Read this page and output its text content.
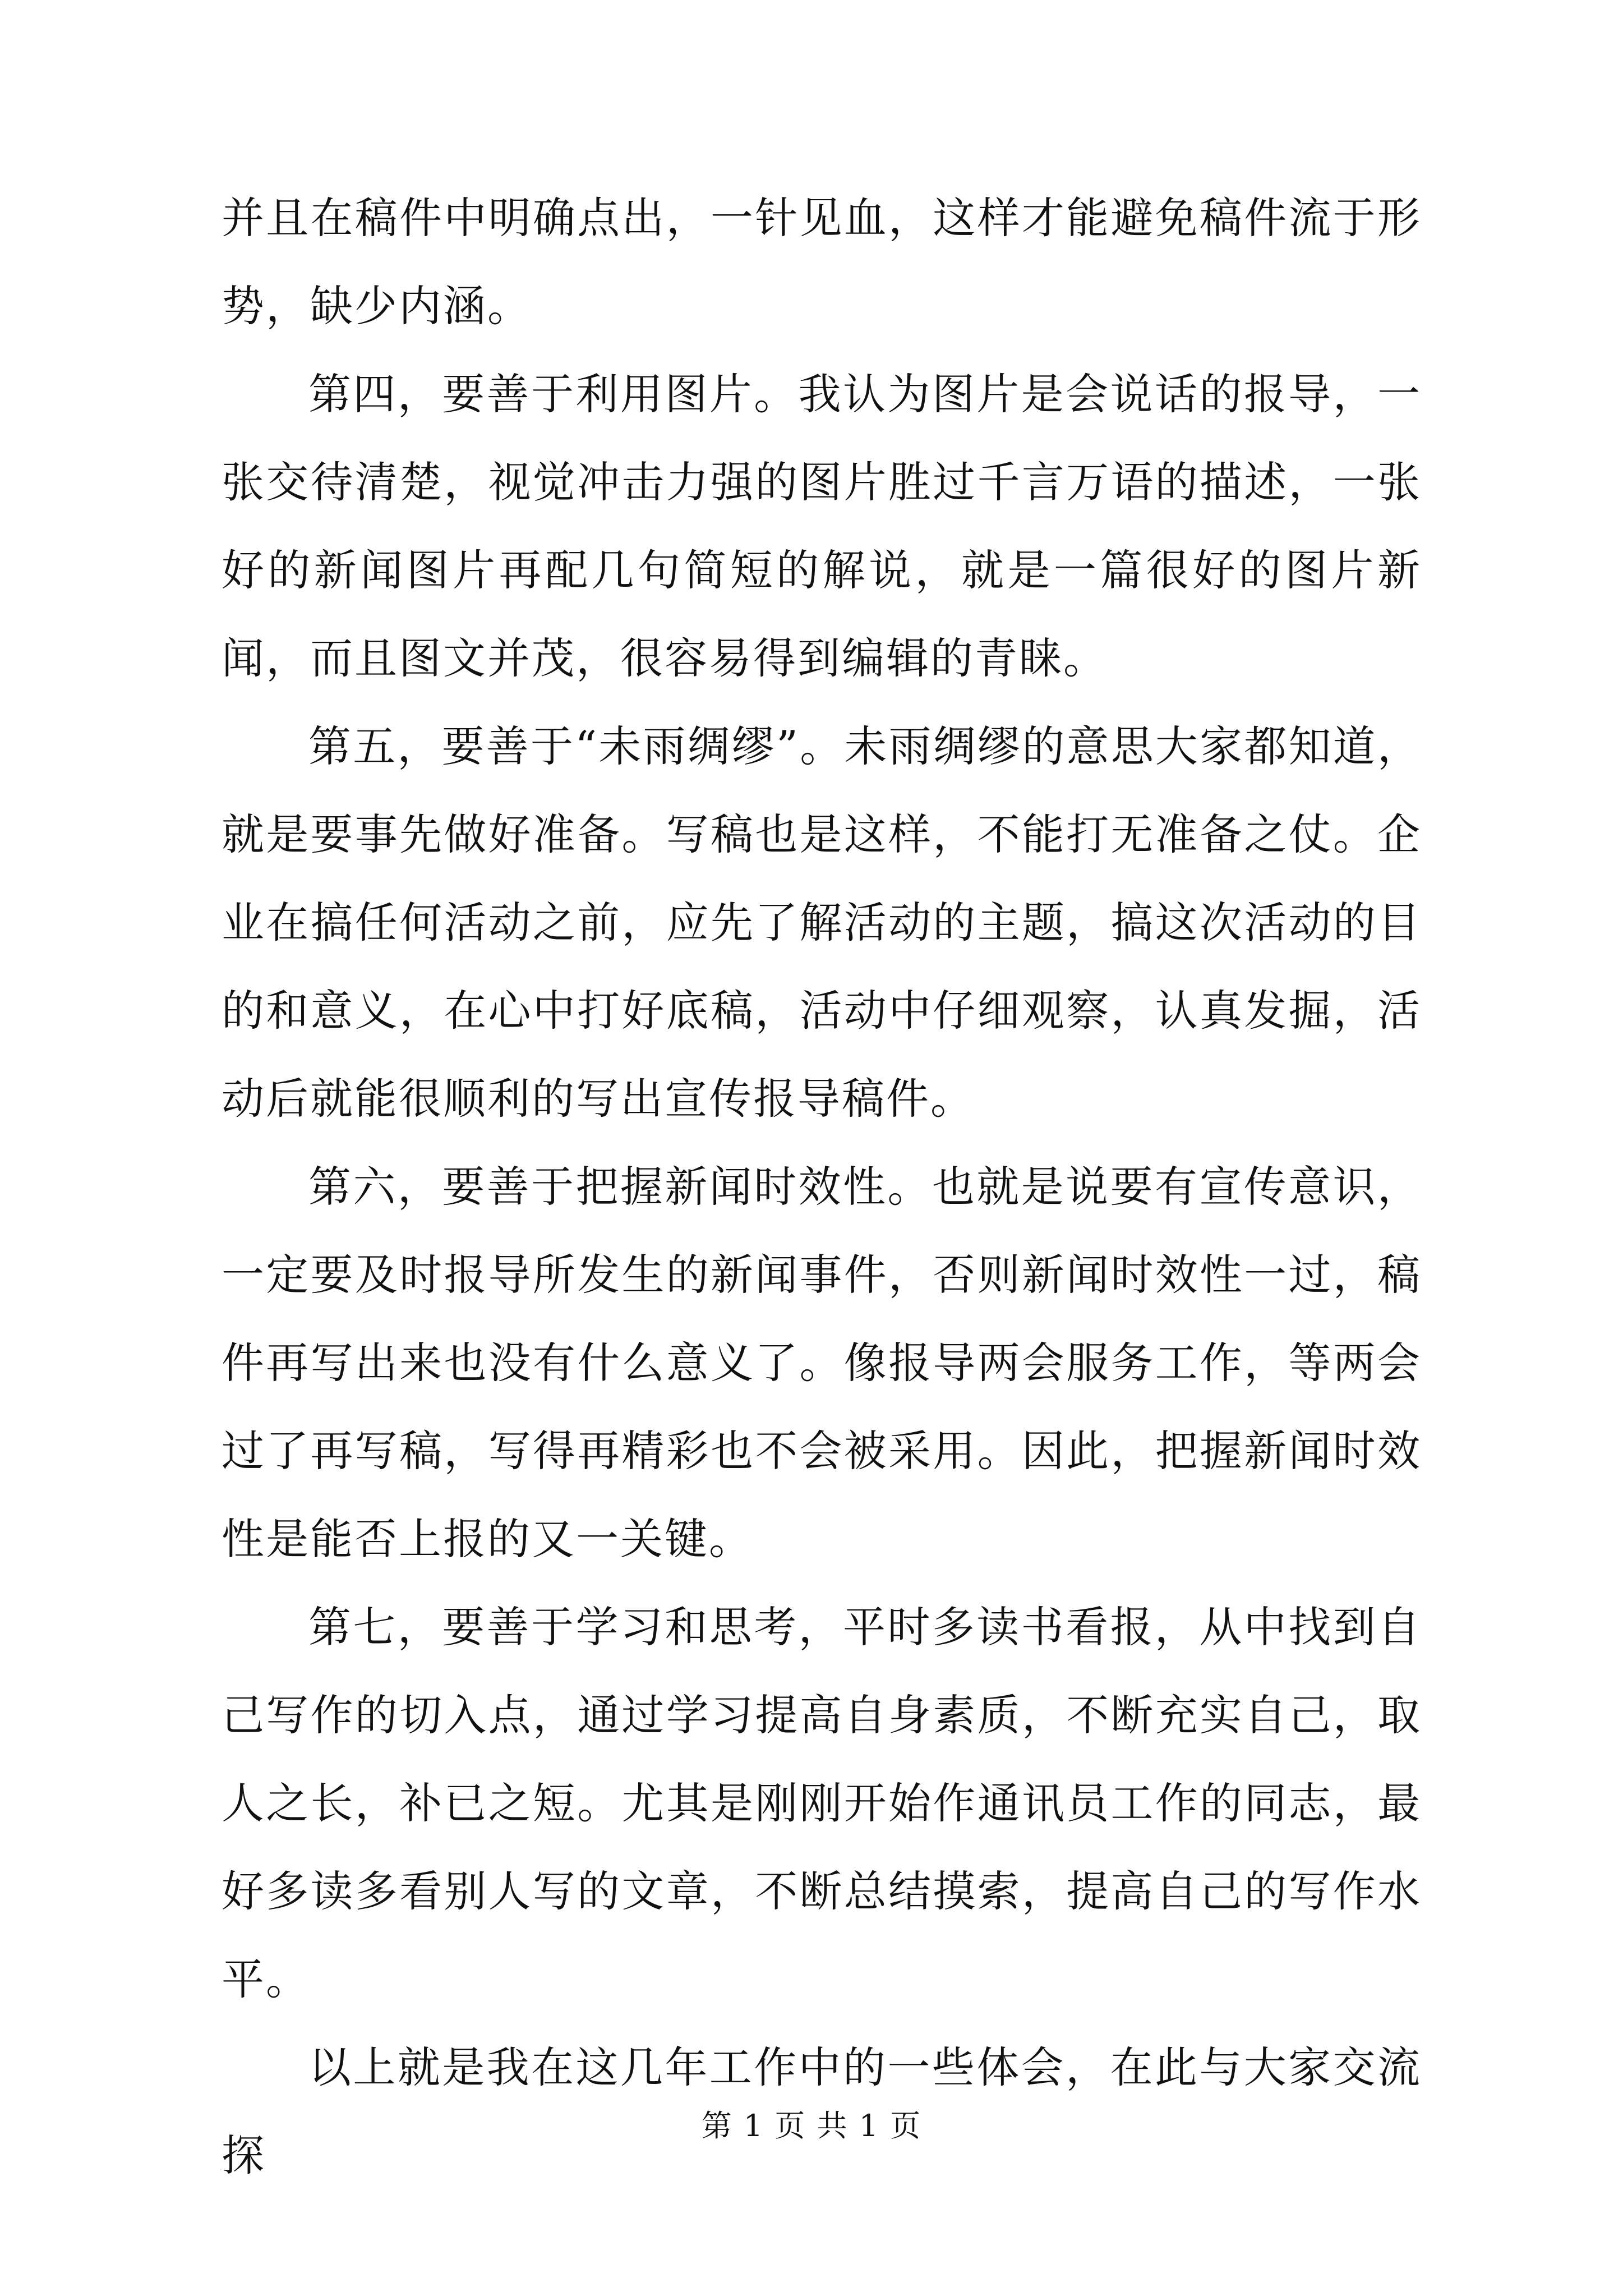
并且在稿件中明确点出，一针见血，这样才能避免稿件流于形势，缺少内涵。

第四，要善于利用图片。我认为图片是会说话的报导，一张交待清楚，视觉冲击力强的图片胜过千言万语的描述，一张好的新闻图片再配几句简短的解说，就是一篇很好的图片新闻，而且图文并茂，很容易得到编辑的青睐。

第五，要善于“未雨绸缪”。未雨绸缪的意思大家都知道，就是要事先做好准备。写稿也是这样，不能打无准备之仗。企业在搞任何活动之前，应先了解活动的主题，搞这次活动的目的和意义，在心中打好底稿，活动中仔细观察，认真发掘，活动后就能很顺利的写出宣传报导稿件。

第六，要善于把握新闻时效性。也就是说要有宣传意识，一定要及时报导所发生的新闻事件，否则新闻时效性一过，稿件再写出来也没有什么意义了。像报导两会服务工作，等两会过了再写稿，写得再精彩也不会被采用。因此，把握新闻时效性是能否上报的又一关键。

第七，要善于学习和思考，平时多读书看报，从中找到自己写作的切入点，通过学习提高自身素质，不断充实自己，取人之长，补已之短。尤其是刚刚开始作通讯员工作的同志，最好多读多看别人写的文章，不断总结摸索，提高自己的写作水平。

以上就是我在这几年工作中的一些体会，在此与大家交流探

第 1 页 共 1 页
